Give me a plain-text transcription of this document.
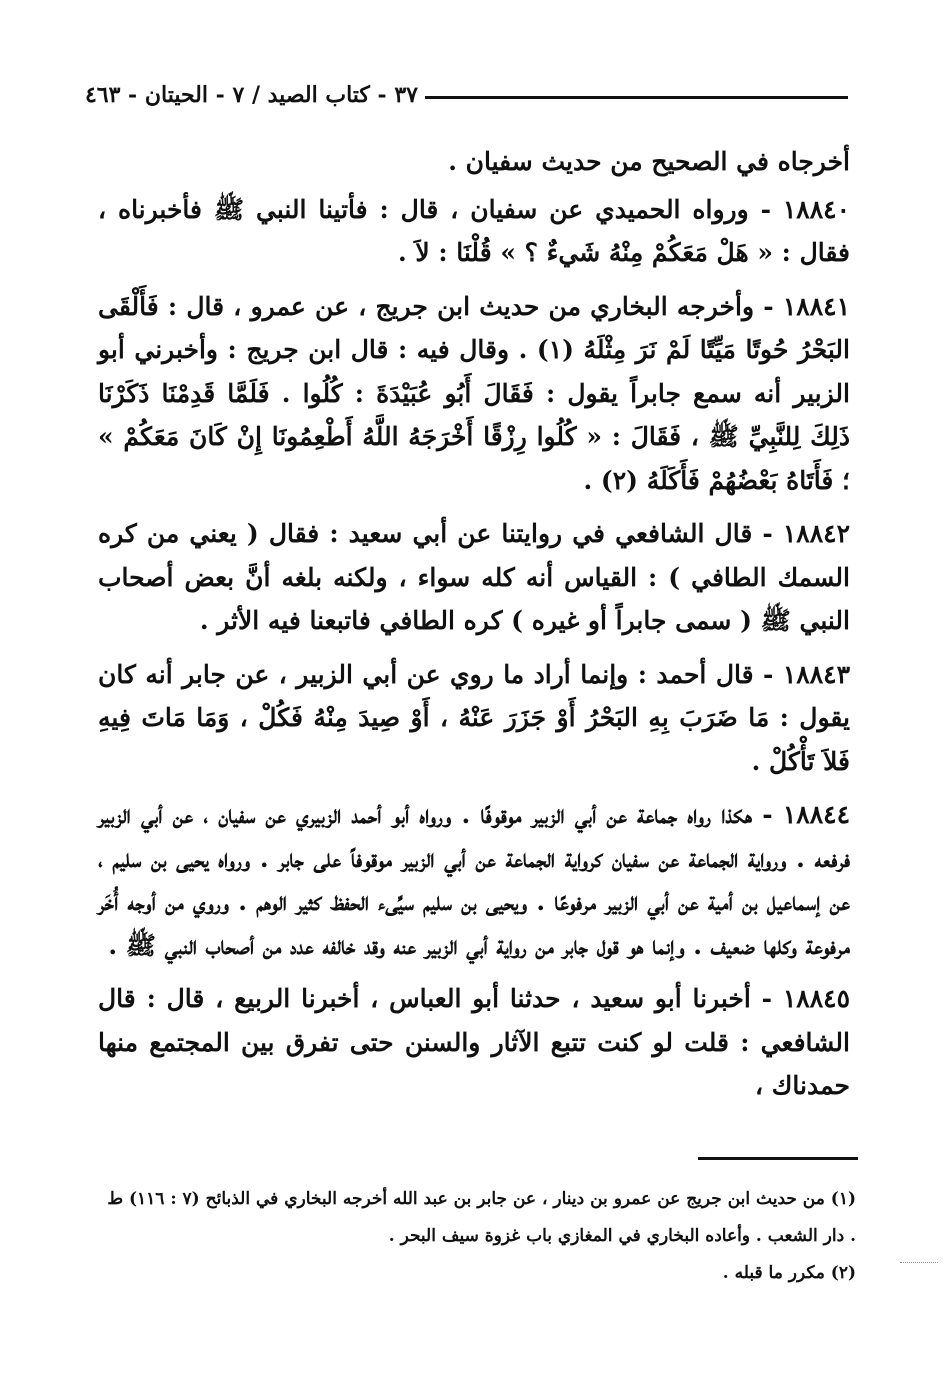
٣٧ - كتاب الصيد / ٧ - الحيتان - ٤٦٣

أخرجاه في الصحيح من حديث سفيان .

١٨٨٤٠ - ورواه الحميدي عن سفيان ، قال : فأتينا النبي ﷺ فأخبرناه ، فقال : « هَلْ مَعَكُمْ مِنْهُ شَيءٌ ؟ » قُلْنَا : لاَ .

١٨٨٤١ - وأخرجه البخاري من حديث ابن جريج ، عن عمرو ، قال : فَأَلْقَى البَحْرُ حُوتًا مَيِّتًا لَمْ نَرَ مِثْلَهُ (١) . وقال فيه : قال ابن جريج : وأخبرني أبو الزبير أنه سمع جابراً يقول : فَقَالَ أَبُو عُبَيْدَةَ : كُلُوا . فَلَمَّا قَدِمْنَا ذَكَرْنَا ذَلِكَ لِلنَّبِيِّ ﷺ ، فَقَالَ : « كُلُوا رِزْقًا أَخْرَجَهُ اللَّهُ أَطْعِمُونَا إِنْ كَانَ مَعَكُمْ » ؛ فَأَتَاهُ بَعْضُهُمْ فَأَكَلَهُ (٢) .

١٨٨٤٢ - قال الشافعي في روايتنا عن أبي سعيد : فقال ( يعني من كره السمك الطافي ) : القياس أنه كله سواء ، ولكنه بلغه أنَّ بعض أصحاب النبي ﷺ ( سمى جابراً أو غيره ) كره الطافي فاتبعنا فيه الأثر .

١٨٨٤٣ - قال أحمد : وإنما أراد ما روي عن أبي الزبير ، عن جابر أنه كان يقول : مَا ضَرَبَ بِهِ البَحْرُ أَوْ جَزَرَ عَنْهُ ، أَوْ صِيدَ مِنْهُ فَكُلْ ، وَمَا مَاتَ فِيهِ فَلاَ تَأْكُلْ .

١٨٨٤٤ - هكذا رواه جماعة عن أبي الزبير موقوفًا . ورواه أبو أحمد الزبيري عن سفيان ، عن أبي الزبير فرفعه . ورواية الجماعة عن سفيان كرواية الجماعة عن أبي الزبير موقوفاً على جابر . ورواه يحيى بن سليم ، عن إسماعيل بن أمية عن أبي الزبير مرفوعًا . ويحيى بن سليم سيِّىء الحفظ كثير الوهم . وروي من أوجه أُخَر مرفوعة وكلها ضعيف . وإنما هو قول جابر من رواية أبي الزبير عنه وقد خالفه عدد من أصحاب النبي ﷺ .

١٨٨٤٥ - أخبرنا أبو سعيد ، حدثنا أبو العباس ، أخبرنا الربيع ، قال : قال الشافعي : قلت لو كنت تتبع الآثار والسنن حتى تفرق بين المجتمع منها حمدناك ،

(١) من حديث ابن جريج عن عمرو بن دينار ، عن جابر بن عبد الله أخرجه البخاري في الذبائح (٧ : ١١٦) ط . دار الشعب . وأعاده البخاري في المغازي باب غزوة سيف البحر .

(٢) مكرر ما قبله .
